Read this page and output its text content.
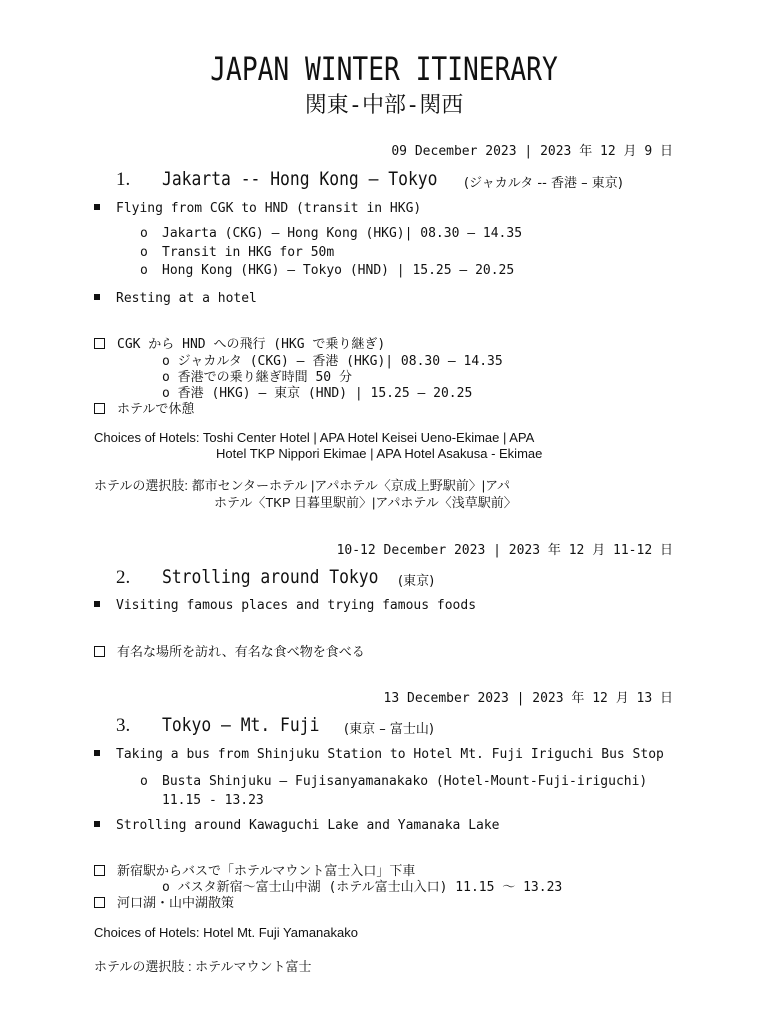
JAPAN WINTER ITINERARY
関東-中部-関西
09 December 2023 | 2023 年 12 月 9 日
1. Jakarta -- Hong Kong – Tokyo (ジャカルタ -- 香港 – 東京)
Flying from CGK to HND (transit in HKG)
o Jakarta (CKG) – Hong Kong (HKG)| 08.30 – 14.35
o Transit in HKG for 50m
o Hong Kong (HKG) – Tokyo (HND) | 15.25 – 20.25
Resting at a hotel
CGK から HND への飛行 (HKG で乗り継ぎ)
o ジャカルタ (CKG) – 香港 (HKG)| 08.30 – 14.35
o 香港での乗り継ぎ時間 50 分
o 香港 (HKG) – 東京 (HND) | 15.25 – 20.25
ホテルで休憩
Choices of Hotels: Toshi Center Hotel | APA Hotel Keisei Ueno-Ekimae | APA
Hotel TKP Nippori Ekimae | APA Hotel Asakusa - Ekimae
ホテルの選択肢: 都市センターホテル |アパホテル〈京成上野駅前〉|アパ
ホテル〈TKP 日暮里駅前〉|アパホテル〈浅草駅前〉
10-12 December 2023 | 2023 年 12 月 11-12 日
2. Strolling around Tokyo (東京)
Visiting famous places and trying famous foods
有名な場所を訪れ、有名な食べ物を食べる
13 December 2023 | 2023 年 12 月 13 日
3. Tokyo – Mt. Fuji (東京 – 富士山)
Taking a bus from Shinjuku Station to Hotel Mt. Fuji Iriguchi Bus Stop
o Busta Shinjuku – Fujisanyamanakako (Hotel-Mount-Fuji-iriguchi)
11.15 - 13.23
Strolling around Kawaguchi Lake and Yamanaka Lake
新宿駅からバスで「ホテルマウント富士入口」下車
o バスタ新宿〜富士山中湖 (ホテル富士山入口) 11.15 〜 13.23
河口湖・山中湖散策
Choices of Hotels: Hotel Mt. Fuji Yamanakako
ホテルの選択肢 : ホテルマウント富士
